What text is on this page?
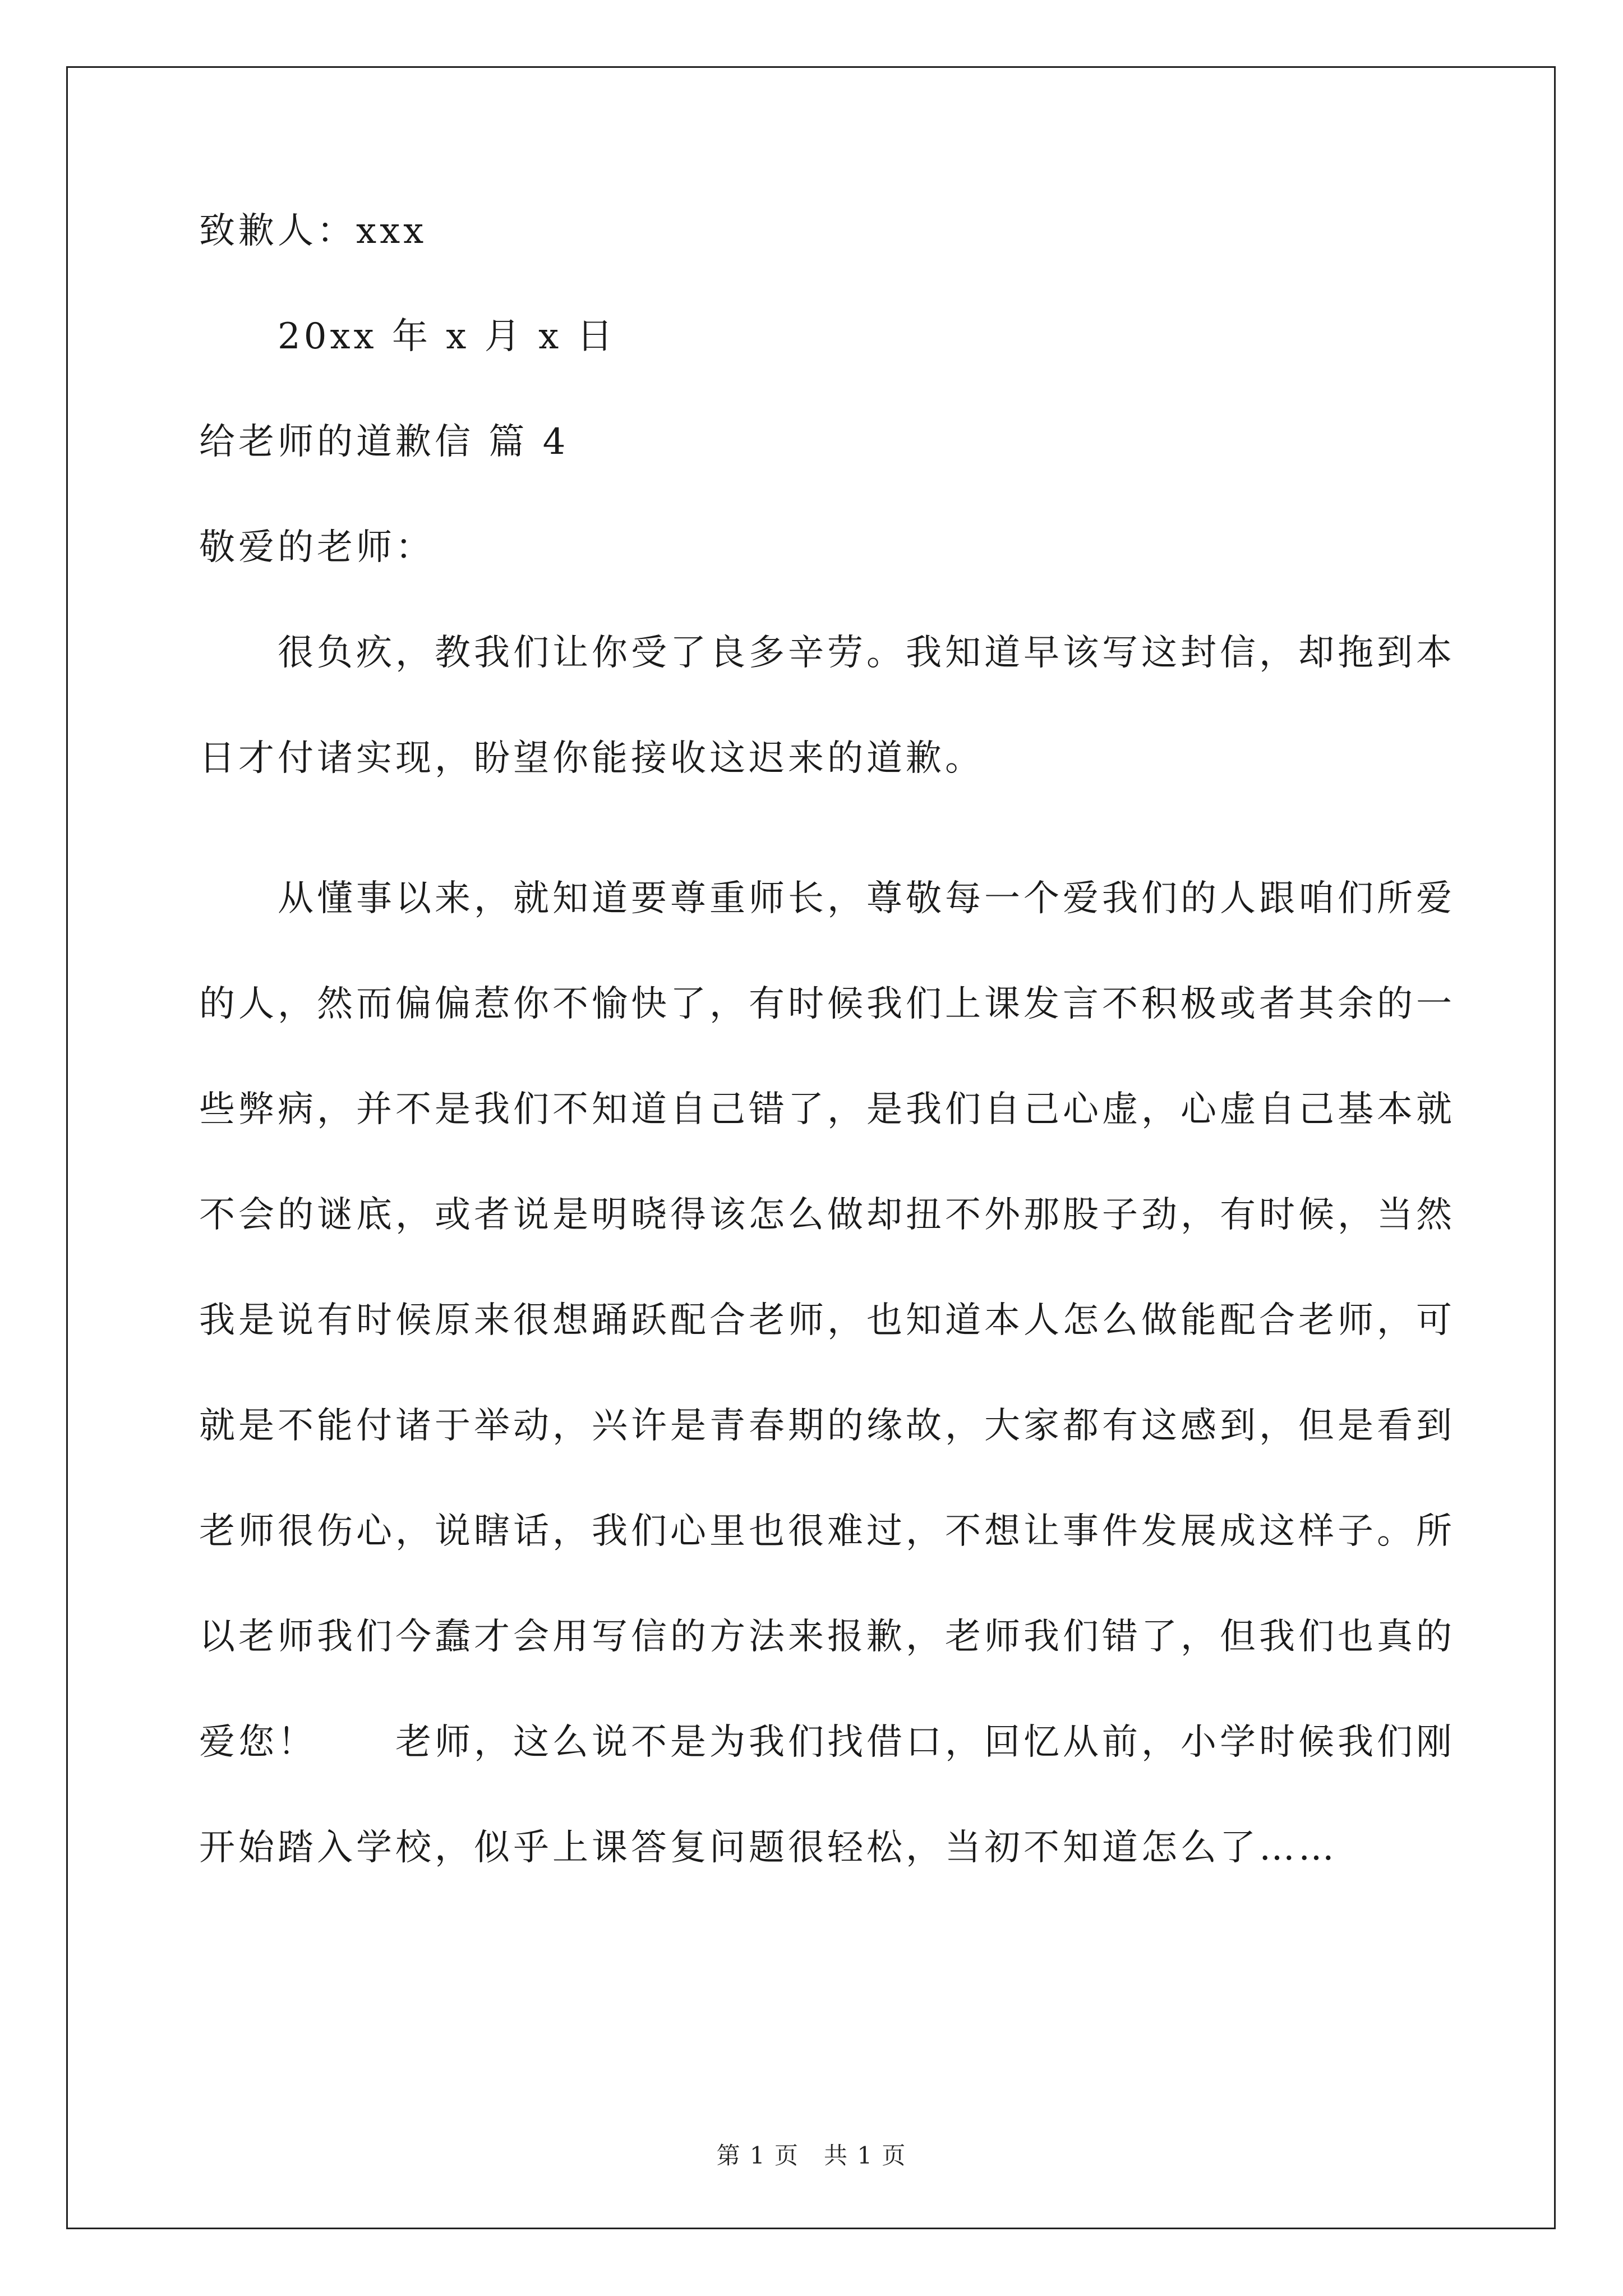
致歉人：xxx

20xx 年 x 月 x 日

给老师的道歉信 篇 4

敬爱的老师：

很负疚，教我们让你受了良多辛劳。我知道早该写这封信，却拖到本日才付诸实现，盼望你能接收这迟来的道歉。

从懂事以来，就知道要尊重师长，尊敬每一个爱我们的人跟咱们所爱的人，然而偏偏惹你不愉快了，有时候我们上课发言不积极或者其余的一些弊病，并不是我们不知道自己错了，是我们自己心虚，心虚自己基本就不会的谜底，或者说是明晓得该怎么做却扭不外那股子劲，有时候，当然我是说有时候原来很想踊跃配合老师，也知道本人怎么做能配合老师，可就是不能付诸于举动，兴许是青春期的缘故，大家都有这感到，但是看到老师很伤心，说瞎话，我们心里也很难过，不想让事件发展成这样子。所以老师我们今蠢才会用写信的方法来报歉，老师我们错了，但我们也真的爱您！　　老师，这么说不是为我们找借口，回忆从前，小学时候我们刚开始踏入学校，似乎上课答复问题很轻松，当初不知道怎么了……

第 1 页　共 1 页
